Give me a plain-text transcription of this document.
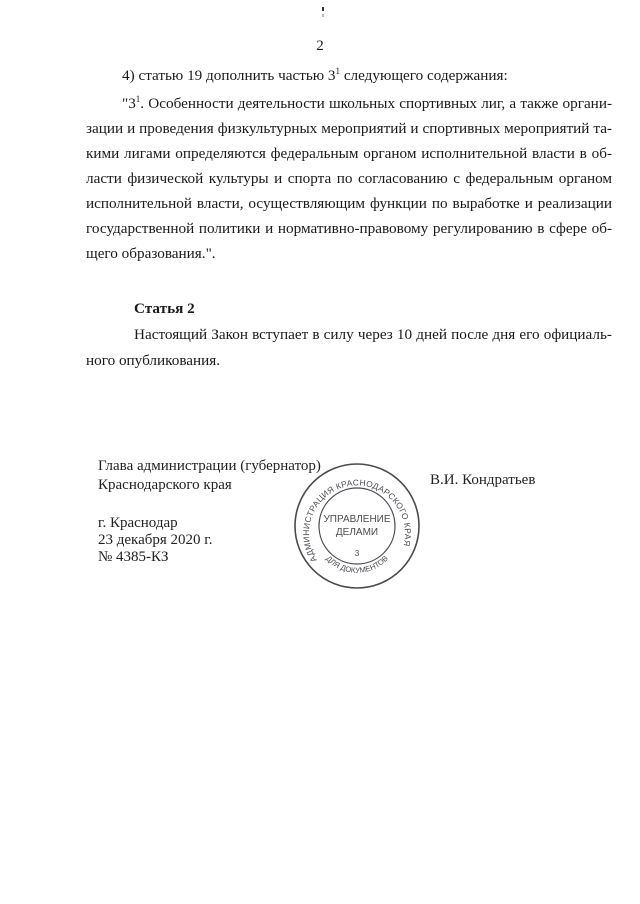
2
4) статью 19 дополнить частью $3^1$ следующего содержания:
"$3^1$. Особенности деятельности школьных спортивных лиг, а также органи-
зации и проведения физкультурных мероприятий и спортивных мероприятий та-
кими лигами определяются федеральным органом исполнительной власти в об-
ласти физической культуры и спорта по согласованию с федеральным органом
исполнительной власти, осуществляющим функции по выработке и реализации
государственной политики и нормативно-правовому регулированию в сфере об-
щего образования.".
Статья 2
Настоящий Закон вступает в силу через 10 дней после дня его официаль-
ного опубликования.
Глава администрации (губернатор)
Краснодарского края	В.И. Кондратьев
г. Краснодар
23 декабря 2020 г.
№ 4385-КЗ	АДМИНИСТРАЦИЯ КРАСНОДАРСКОГО КРАЯ
ДЛЯ ДОКУМЕНТОВ
УПРАВЛЕНИЕ
ДЕЛАМИ
3
